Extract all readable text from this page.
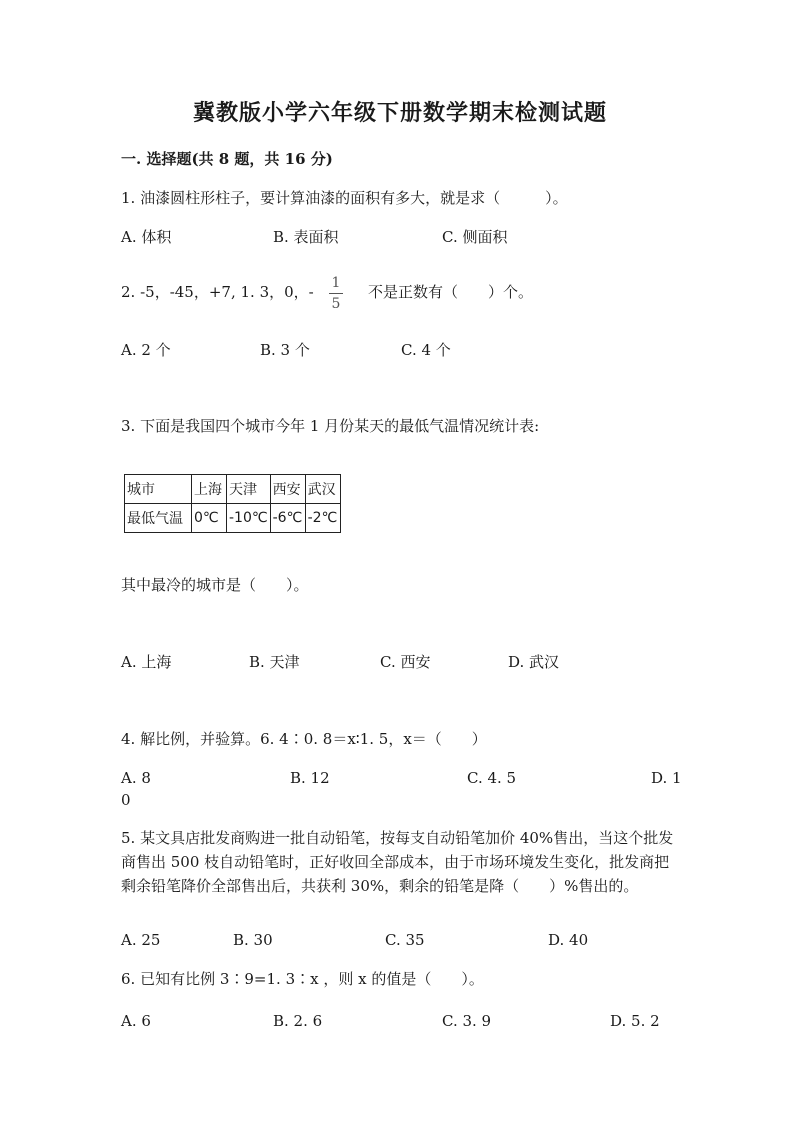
冀教版小学六年级下册数学期末检测试题
一. 选择题(共 8 题，共 16 分)
1. 油漆圆柱形柱子，要计算油漆的面积有多大，就是求（　　　）。
A. 体积	B. 表面积	C. 侧面积
2. -5，-45，+7, 1. 3，0，- 1
5
不是正数有（　　）个。
A. 2 个	B. 3 个	C. 4 个
3. 下面是我国四个城市今年 1 月份某天的最低气温情况统计表:
城市	上海	天津	西安	武汉
最低气温	0℃	-10℃	-6℃	-2℃
其中最冷的城市是（　　）。
A. 上海	B. 天津	C. 西安	D. 武汉
4. 解比例，并验算。6. 4∶0. 8＝x∶1. 5，x＝（　　）
A. 8	B. 12	C. 4. 5	D. 1
0
5. 某文具店批发商购进一批自动铅笔，按每支自动铅笔加价 40%售出，当这个批发商售出 500 枝自动铅笔时，正好收回全部成本，由于市场环境发生变化，批发商把剩余铅笔降价全部售出后，共获利 30%，剩余的铅笔是降（　　）%售出的。
A. 25	B. 30	C. 35	D. 40
6. 已知有比例 3∶9=1. 3∶x ，则 x 的值是（　　）。
A. 6	B. 2. 6	C. 3. 9	D. 5. 2
